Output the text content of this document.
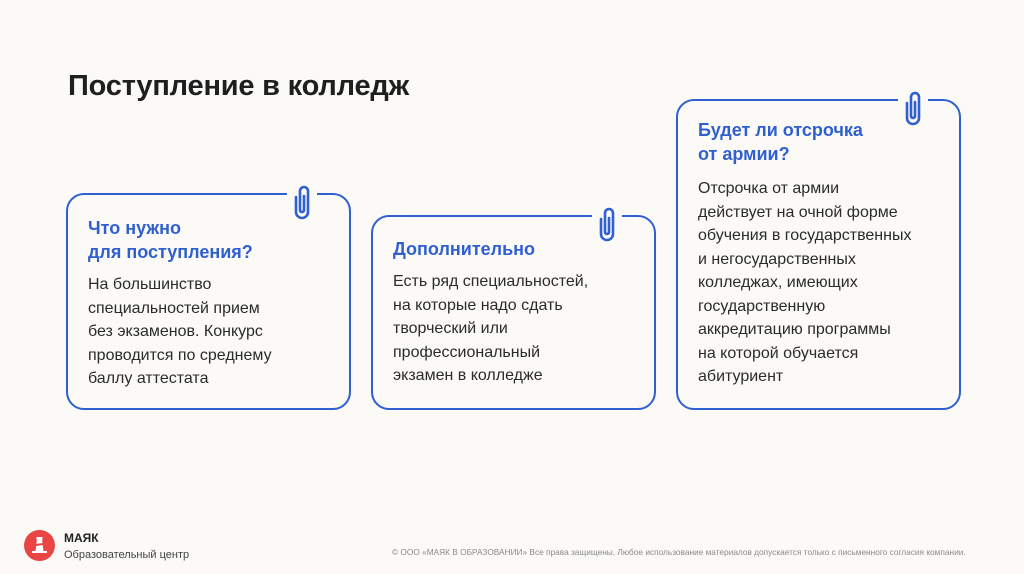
Поступление в колледж
Что нужно
для поступления?
На большинство
специальностей прием
без экзаменов. Конкурс
проводится по среднему
баллу аттестата
Дополнительно
Есть ряд специальностей,
на которые надо сдать
творческий или
профессиональный
экзамен в колледже
Будет ли отсрочка
от армии?
Отсрочка от армии
действует на очной форме
обучения в государственных
и негосударственных
колледжах, имеющих
государственную
аккредитацию программы
на которой обучается
абитуриент
МАЯК
Образовательный центр	© ООО «МАЯК В ОБРАЗОВАНИИ» Все права защищены. Любое использование материалов допускается только с письменного согласия компании.
